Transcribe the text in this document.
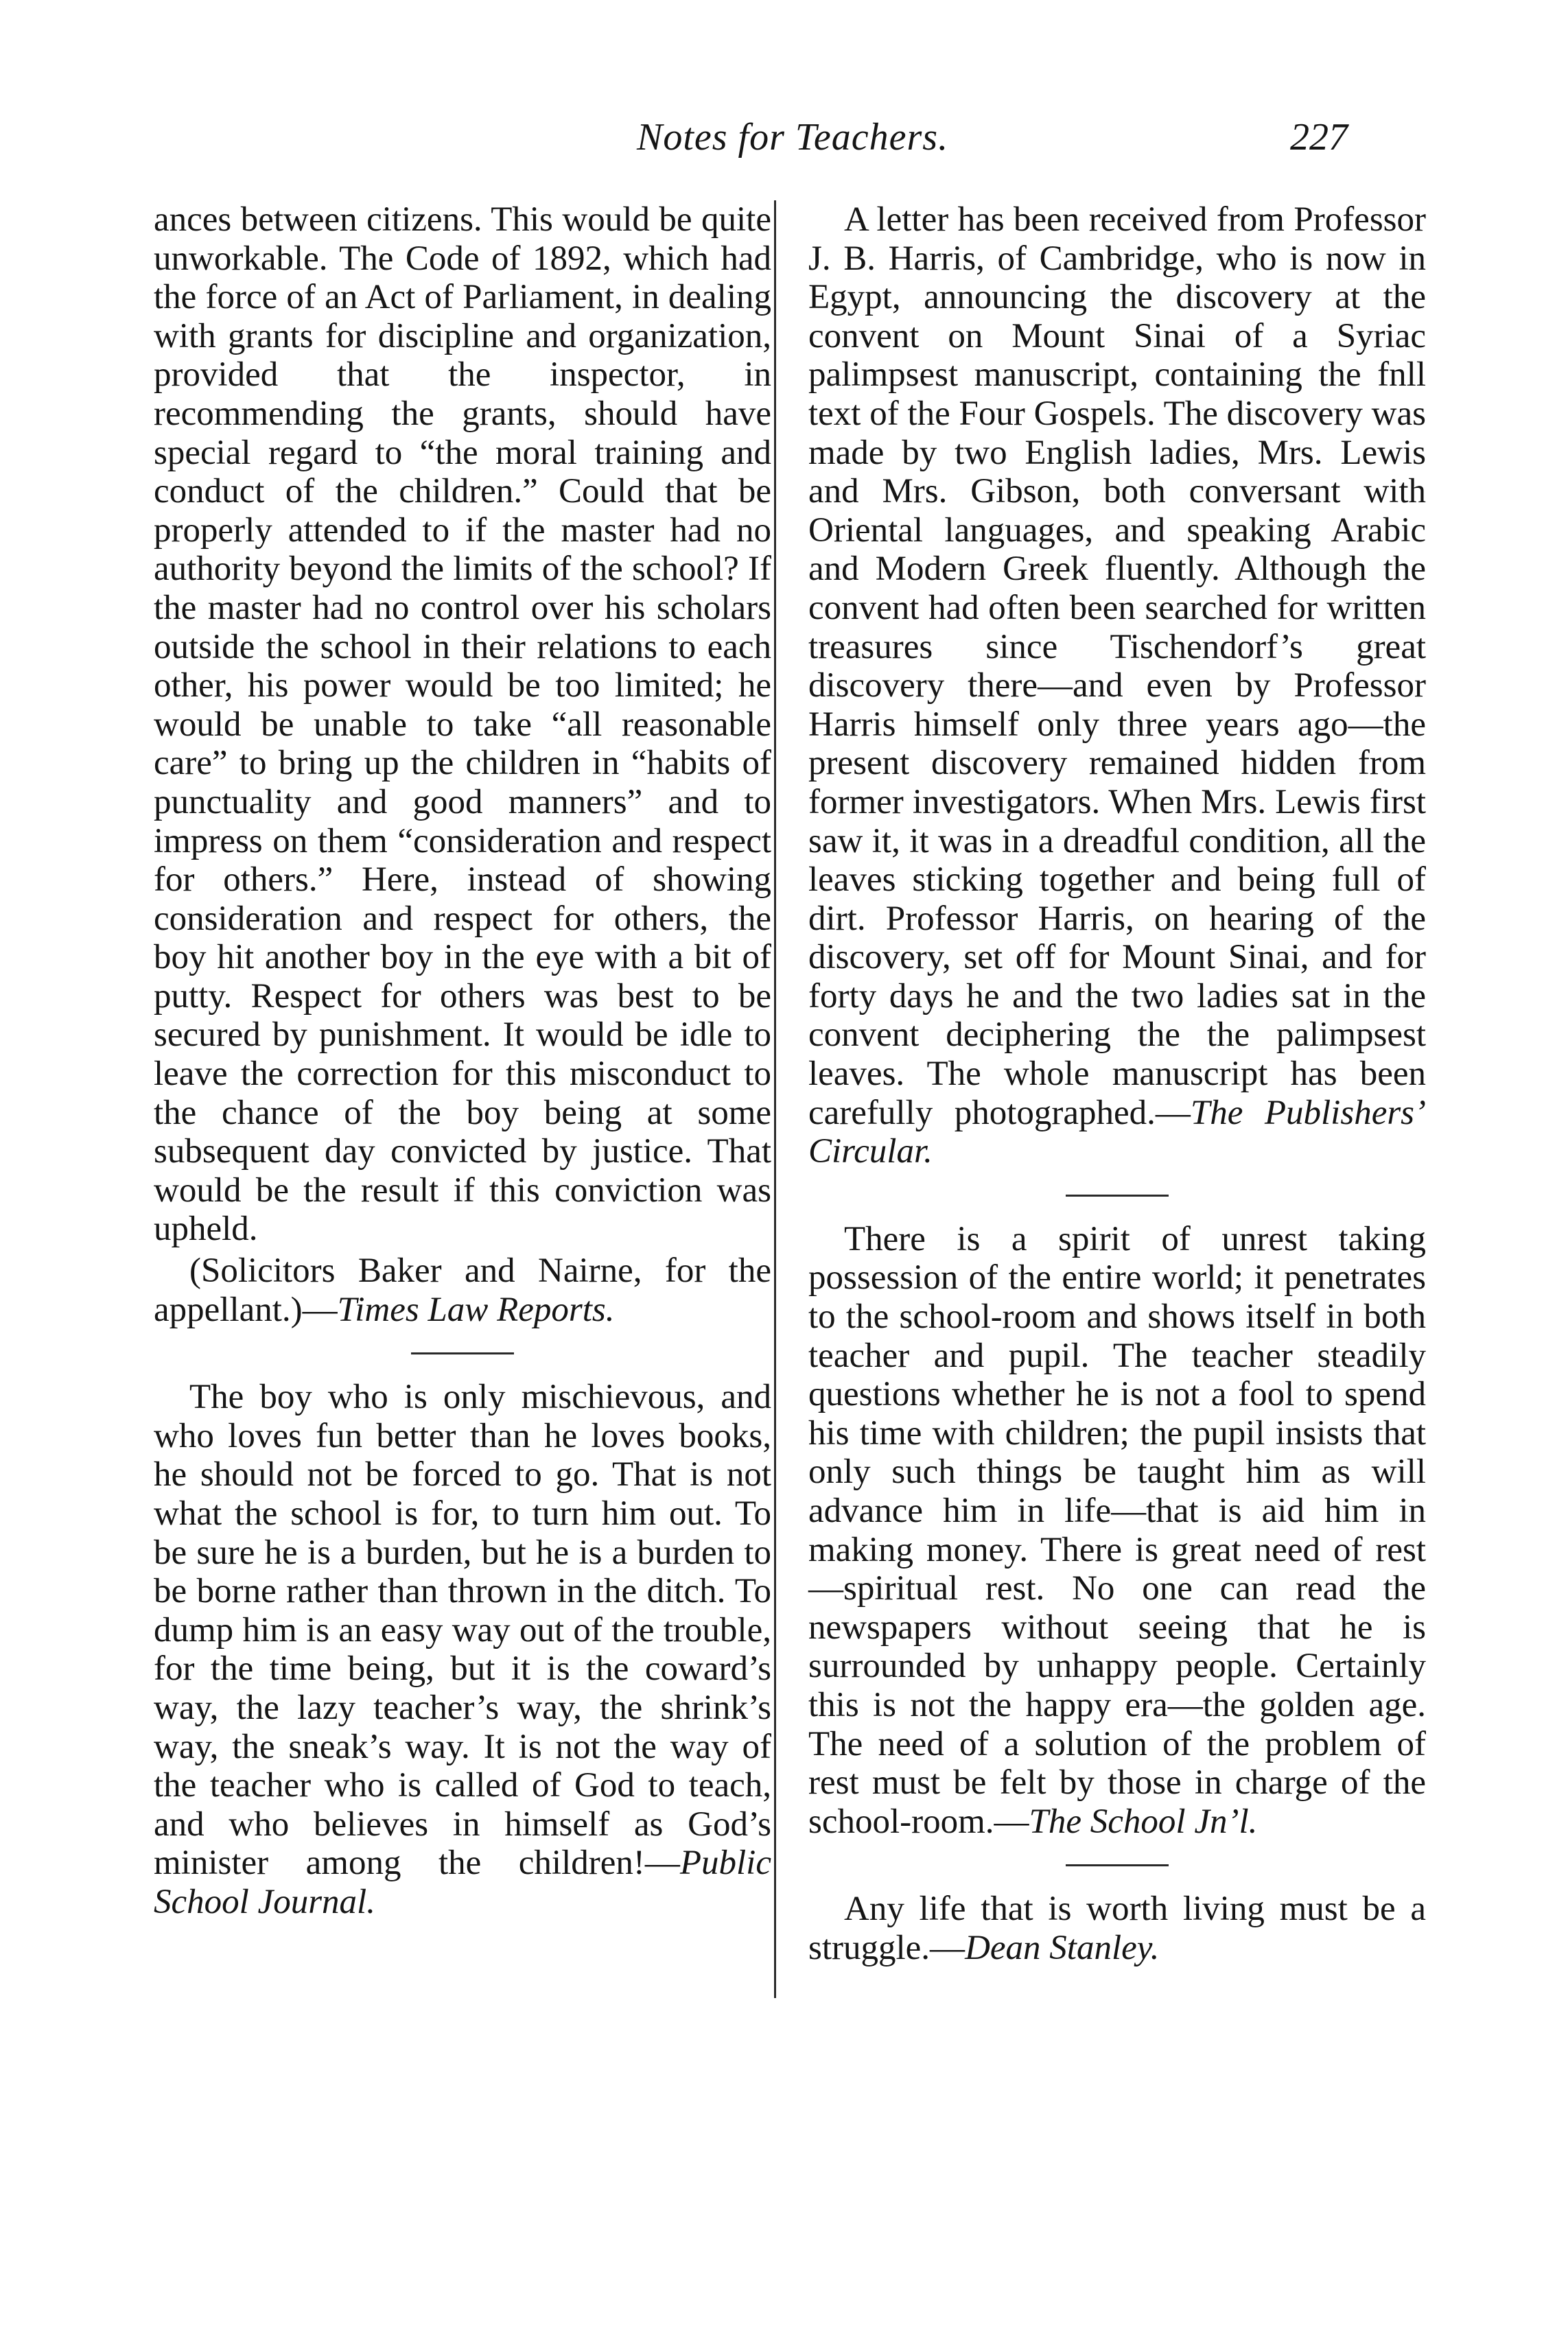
Notes for Teachers.	227

ances between citizens. This would be quite unworkable. The Code of 1892, which had the force of an Act of Parliament, in dealing with grants for discipline and organization, provided that the inspector, in recommending the grants, should have special regard to “the moral training and conduct of the children.” Could that be properly attended to if the master had no authority beyond the limits of the school? If the master had no control over his scholars outside the school in their relations to each other, his power would be too limited; he would be unable to take “all reasonable care” to bring up the children in “habits of punctuality and good manners” and to impress on them “consideration and respect for others.” Here, instead of showing consideration and respect for others, the boy hit another boy in the eye with a bit of putty. Respect for others was best to be secured by punishment. It would be idle to leave the correction for this misconduct to the chance of the boy being at some subsequent day convicted by justice. That would be the result if this conviction was upheld.

(Solicitors Baker and Nairne, for the appellant.)—Times Law Reports.

The boy who is only mischievous, and who loves fun better than he loves books, he should not be forced to go. That is not what the school is for, to turn him out. To be sure he is a burden, but he is a burden to be borne rather than thrown in the ditch. To dump him is an easy way out of the trouble, for the time being, but it is the coward’s way, the lazy teacher’s way, the shrink’s way, the sneak’s way. It is not the way of the teacher who is called of God to teach, and who believes in himself as God’s minister among the children!—Public School Journal.

A letter has been received from Professor J. B. Harris, of Cambridge, who is now in Egypt, announcing the discovery at the convent on Mount Sinai of a Syriac palimpsest manuscript, containing the fnll text of the Four Gospels. The discovery was made by two English ladies, Mrs. Lewis and Mrs. Gibson, both conversant with Oriental languages, and speaking Arabic and Modern Greek fluently. Although the convent had often been searched for written treasures since Tischendorf’s great discovery there—and even by Professor Harris himself only three years ago—the present discovery remained hidden from former investigators. When Mrs. Lewis first saw it, it was in a dreadful condition, all the leaves sticking together and being full of dirt. Professor Harris, on hearing of the discovery, set off for Mount Sinai, and for forty days he and the two ladies sat in the convent deciphering the the palimpsest leaves. The whole manuscript has been carefully photographed.—The Publishers’ Circular.

There is a spirit of unrest taking possession of the entire world; it penetrates to the school-room and shows itself in both teacher and pupil. The teacher steadily questions whether he is not a fool to spend his time with children; the pupil insists that only such things be taught him as will advance him in life—that is aid him in making money. There is great need of rest—spiritual rest. No one can read the newspapers without seeing that he is surrounded by unhappy people. Certainly this is not the happy era—the golden age. The need of a solution of the problem of rest must be felt by those in charge of the school-room.—The School Jn’l.

Any life that is worth living must be a struggle.—Dean Stanley.
